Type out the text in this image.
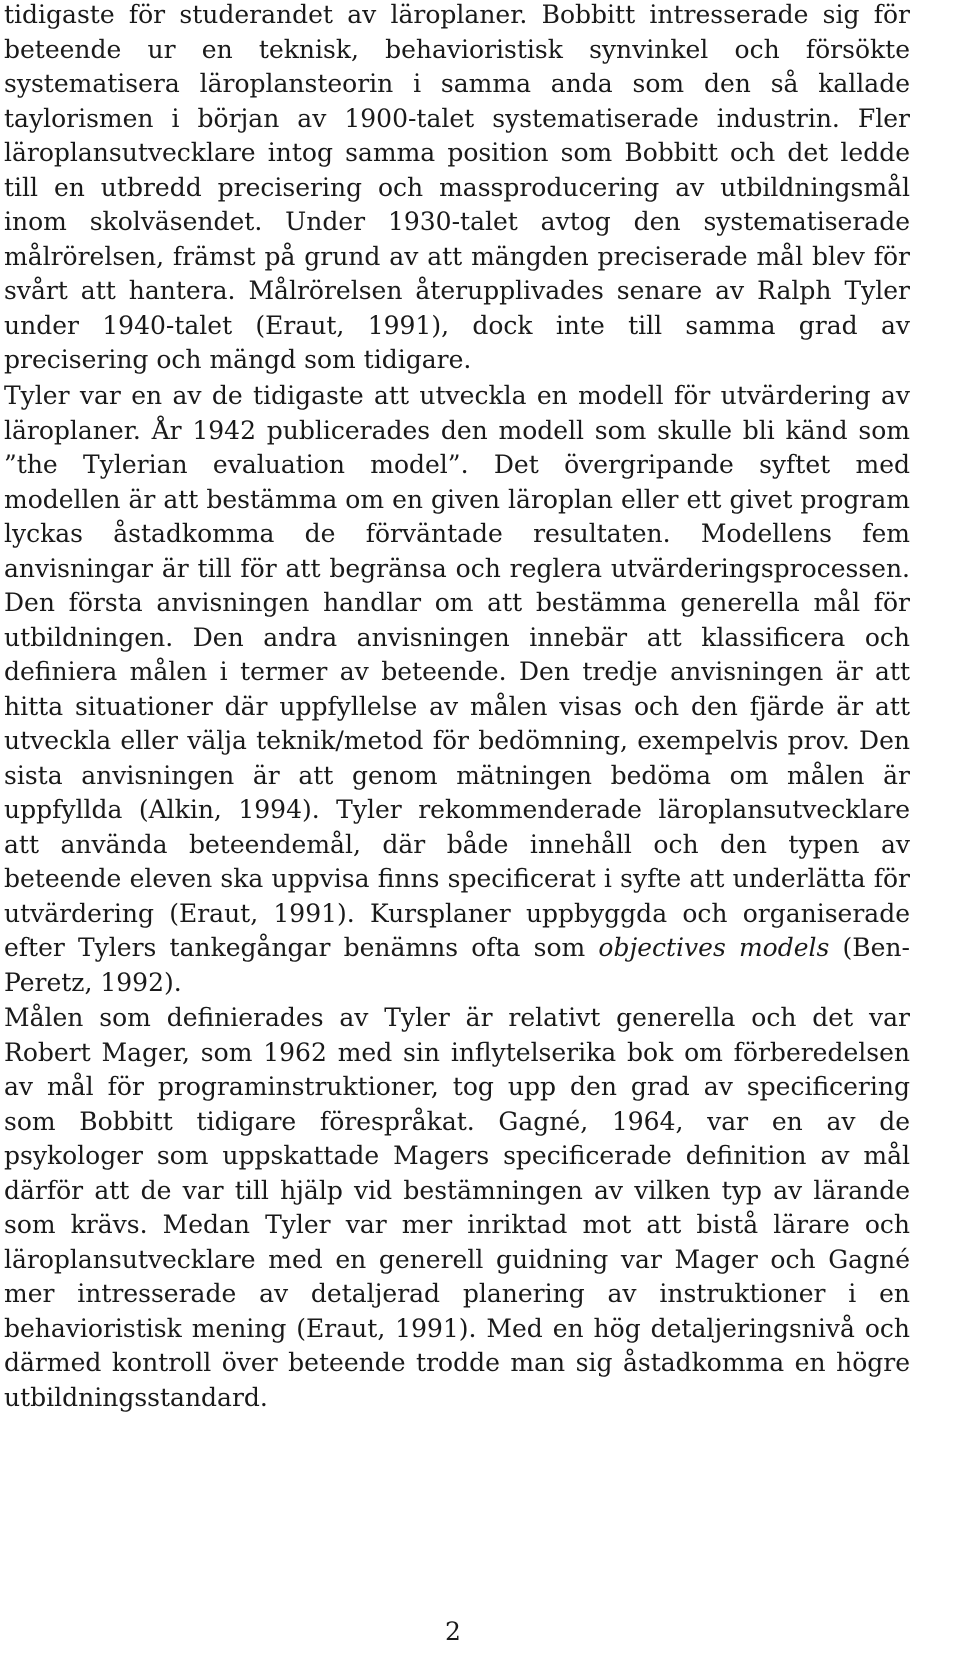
tidigaste för studerandet av läroplaner. Bobbitt intresserade sig för beteende ur en teknisk, behavioristisk synvinkel och försökte systematisera läroplansteorin i samma anda som den så kallade taylorismen i början av 1900-talet systematiserade industrin. Fler läroplansutvecklare intog samma position som Bobbitt och det ledde till en utbredd precisering och massproducering av utbildningsmål inom skolväsendet. Under 1930-talet avtog den systematiserade målrörelsen, främst på grund av att mängden preciserade mål blev för svårt att hantera. Målrörelsen återupplivades senare av Ralph Tyler under 1940-talet (Eraut, 1991), dock inte till samma grad av precisering och mängd som tidigare.

Tyler var en av de tidigaste att utveckla en modell för utvärdering av läroplaner. År 1942 publicerades den modell som skulle bli känd som ”the Tylerian evaluation model”. Det övergripande syftet med modellen är att bestämma om en given läroplan eller ett givet program lyckas åstadkomma de förväntade resultaten. Modellens fem anvisningar är till för att begränsa och reglera utvärderingsprocessen. Den första anvisningen handlar om att bestämma generella mål för utbildningen. Den andra anvisningen innebär att klassificera och definiera målen i termer av beteende. Den tredje anvisningen är att hitta situationer där uppfyllelse av målen visas och den fjärde är att utveckla eller välja teknik/metod för bedömning, exempelvis prov. Den sista anvisningen är att genom mätningen bedöma om målen är uppfyllda (Alkin, 1994). Tyler rekommenderade läroplansutvecklare att använda beteendemål, där både innehåll och den typen av beteende eleven ska uppvisa finns specificerat i syfte att underlätta för utvärdering (Eraut, 1991). Kursplaner uppbyggda och organiserade efter Tylers tankegångar benämns ofta som objectives models (Ben-Peretz, 1992).

Målen som definierades av Tyler är relativt generella och det var Robert Mager, som 1962 med sin inflytelserika bok om förberedelsen av mål för programinstruktioner, tog upp den grad av specificering som Bobbitt tidigare förespråkat. Gagné, 1964, var en av de psykologer som uppskattade Magers specificerade definition av mål därför att de var till hjälp vid bestämningen av vilken typ av lärande som krävs. Medan Tyler var mer inriktad mot att bistå lärare och läroplansutvecklare med en generell guidning var Mager och Gagné mer intresserade av detaljerad planering av instruktioner i en behavioristisk mening (Eraut, 1991). Med en hög detaljeringsnivå och därmed kontroll över beteende trodde man sig åstadkomma en högre utbildningsstandard.

2
